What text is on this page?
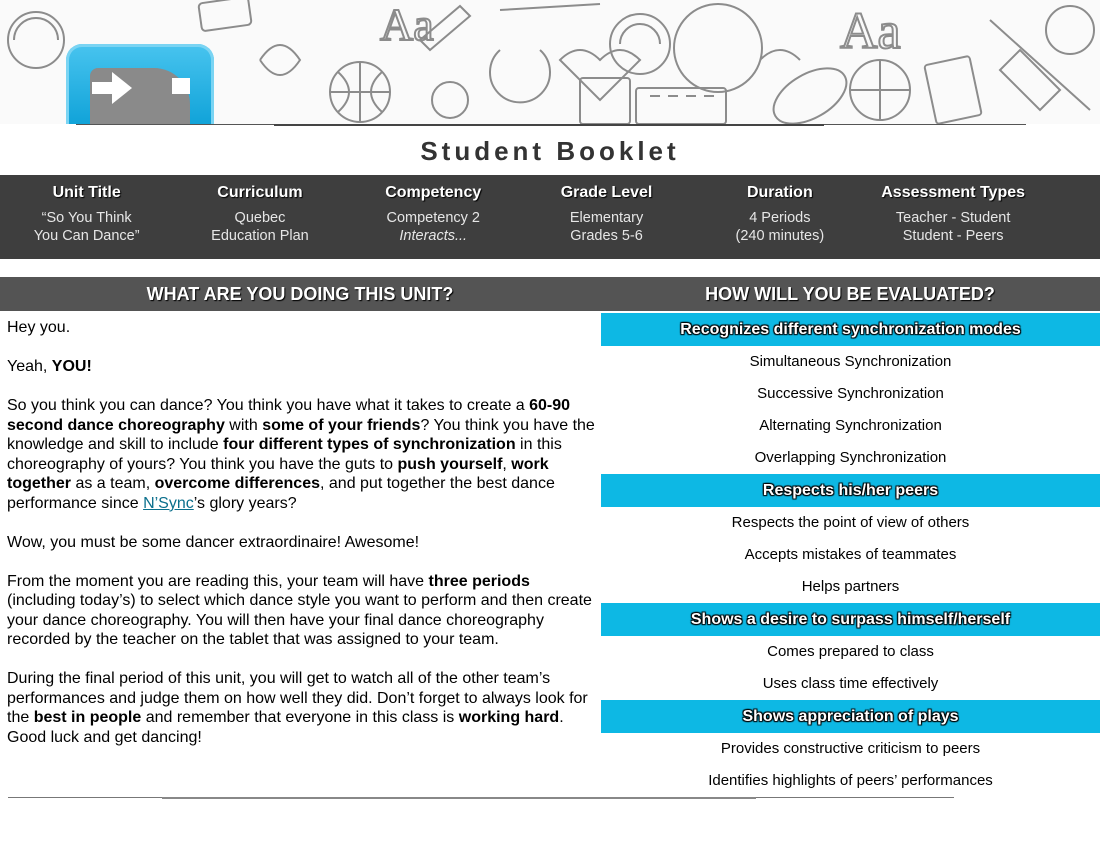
Aa
Aa
Student Booklet
Unit Title
“So You Think
You Can Dance”
Curriculum
Quebec
Education Plan
Competency
Competency 2
Interacts...
Grade Level
Elementary
Grades 5-6
Duration
4 Periods
(240 minutes)
Assessment Types
Teacher - Student
Student - Peers
WHAT ARE YOU DOING THIS UNIT?	HOW WILL YOU BE EVALUATED?

Hey you.

Yeah, YOU!

So you think you can dance? You think you have what it takes to create a 60-90 second dance choreography with some of your friends? You think you have the knowledge and skill to include four different types of synchronization in this choreography of yours? You think you have the guts to push yourself, work together as a team, overcome differences, and put together the best dance performance since N’Sync’s glory years?

Wow, you must be some dancer extraordinaire! Awesome!

From the moment you are reading this, your team will have three periods (including today’s) to select which dance style you want to perform and then create your dance choreography. You will then have your final dance choreography recorded by the teacher on the tablet that was assigned to your team.

During the final period of this unit, you will get to watch all of the other team’s performances and judge them on how well they did. Don’t forget to always look for the best in people and remember that everyone in this class is working hard. Good luck and get dancing!

Recognizes different synchronization modes
Simultaneous Synchronization
Successive Synchronization
Alternating Synchronization
Overlapping Synchronization
Respects his/her peers
Respects the point of view of others
Accepts mistakes of teammates
Helps partners
Shows a desire to surpass himself/herself
Comes prepared to class
Uses class time effectively
Shows appreciation of plays
Provides constructive criticism to peers
Identifies highlights of peers’ performances
